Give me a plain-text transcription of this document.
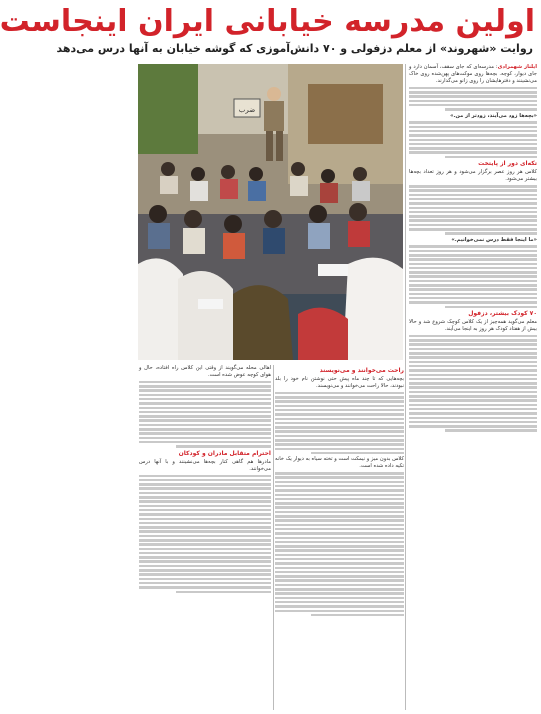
اولین مدرسه خیابانی ایران اینجاست
روایت «شهروند» از معلم دزفولی و ۷۰ دانش‌آموزی که گوشه خیابان به آنها درس می‌دهد
ضرب

ایلناز شهمرادی: مدرسه‌ای که جای سقف، آسمان دارد و جای دیوار، کوچه. بچه‌ها روی موکت‌های پهن‌شده روی خاک می‌نشینند و دفترهایشان را روی زانو می‌گذارند.

«بچه‌ها زود می‌آیند، زودتر از من.»

تکه‌ای دور از پایتخت

کلاس هر روز عصر برگزار می‌شود و هر روز تعداد بچه‌ها بیشتر می‌شود.

«ما اینجا فقط درس نمی‌خوانیم.»

۷۰ کودک بیشتر، دزفول

معلم می‌گوید همه‌چیز از یک کلاس کوچک شروع شد و حالا بیش از هفتاد کودک هر روز به اینجا می‌آیند.

راحت می‌خوانند و می‌نویسند

بچه‌هایی که تا چند ماه پیش حتی نوشتن نام خود را بلد نبودند، حالا راحت می‌خوانند و می‌نویسند.

کلاس بدون میز و نیمکت است و تخته سیاه به دیوار یک خانه تکیه داده شده است.

اهالی محله می‌گویند از وقتی این کلاس راه افتاده، حال و هوای کوچه عوض شده است.

احترام متقابل مادران و کودکان

مادرها هم گاهی کنار بچه‌ها می‌نشینند و با آنها درس می‌خوانند.
